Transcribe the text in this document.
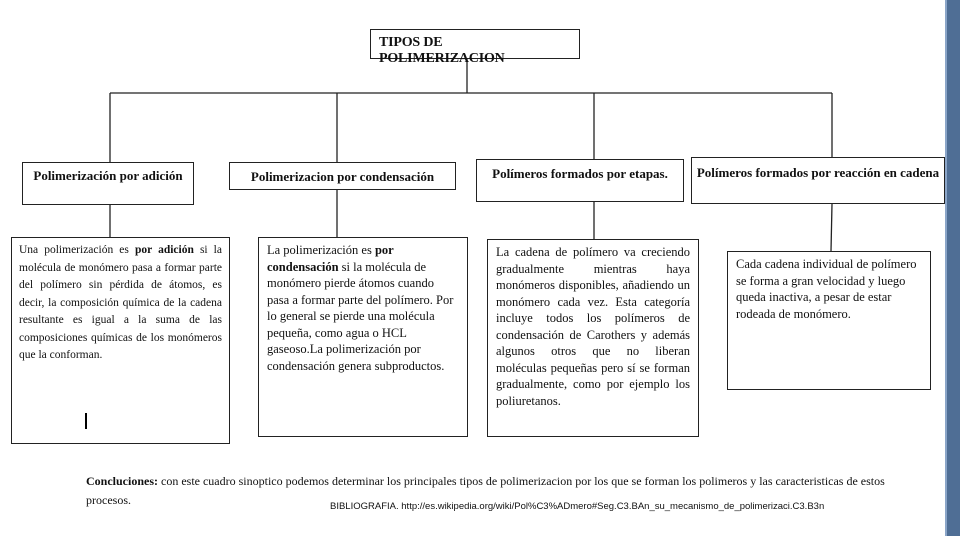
TIPOS DE POLIMERIZACION
Polimerización por adición	Polimerizacion por condensación	Polímeros formados por etapas.	Polímeros formados por reacción en cadena

Una polimerización es por adición si la molécula de monómero pasa a formar parte del polímero sin pérdida de átomos, es decir, la composición química de la cadena resultante es igual a la suma de las composiciones químicas de los monómeros que la conforman.

La polimerización es por condensación si la molécula de monómero pierde átomos cuando pasa a formar parte del polímero. Por lo general se pierde una molécula pequeña, como agua o HCL gaseoso.La polimerización por condensación genera subproductos.

La cadena de polímero va creciendo gradualmente mientras haya monómeros disponibles, añadiendo un monómero cada vez. Esta categoría incluye todos los polímeros de condensación de Carothers y además algunos otros que no liberan moléculas pequeñas pero sí se forman gradualmente, como por ejemplo los poliuretanos.

Cada cadena individual de polímero se forma a gran velocidad y luego queda inactiva, a pesar de estar rodeada de monómero.

Concluciones: con este cuadro sinoptico podemos determinar los principales tipos de polimerizacion por los que se forman los polimeros y las caracteristicas de estos procesos.	BIBLIOGRAFIA. http://es.wikipedia.org/wiki/Pol%C3%ADmero#Seg.C3.BAn_su_mecanismo_de_polimerizaci.C3.B3n
